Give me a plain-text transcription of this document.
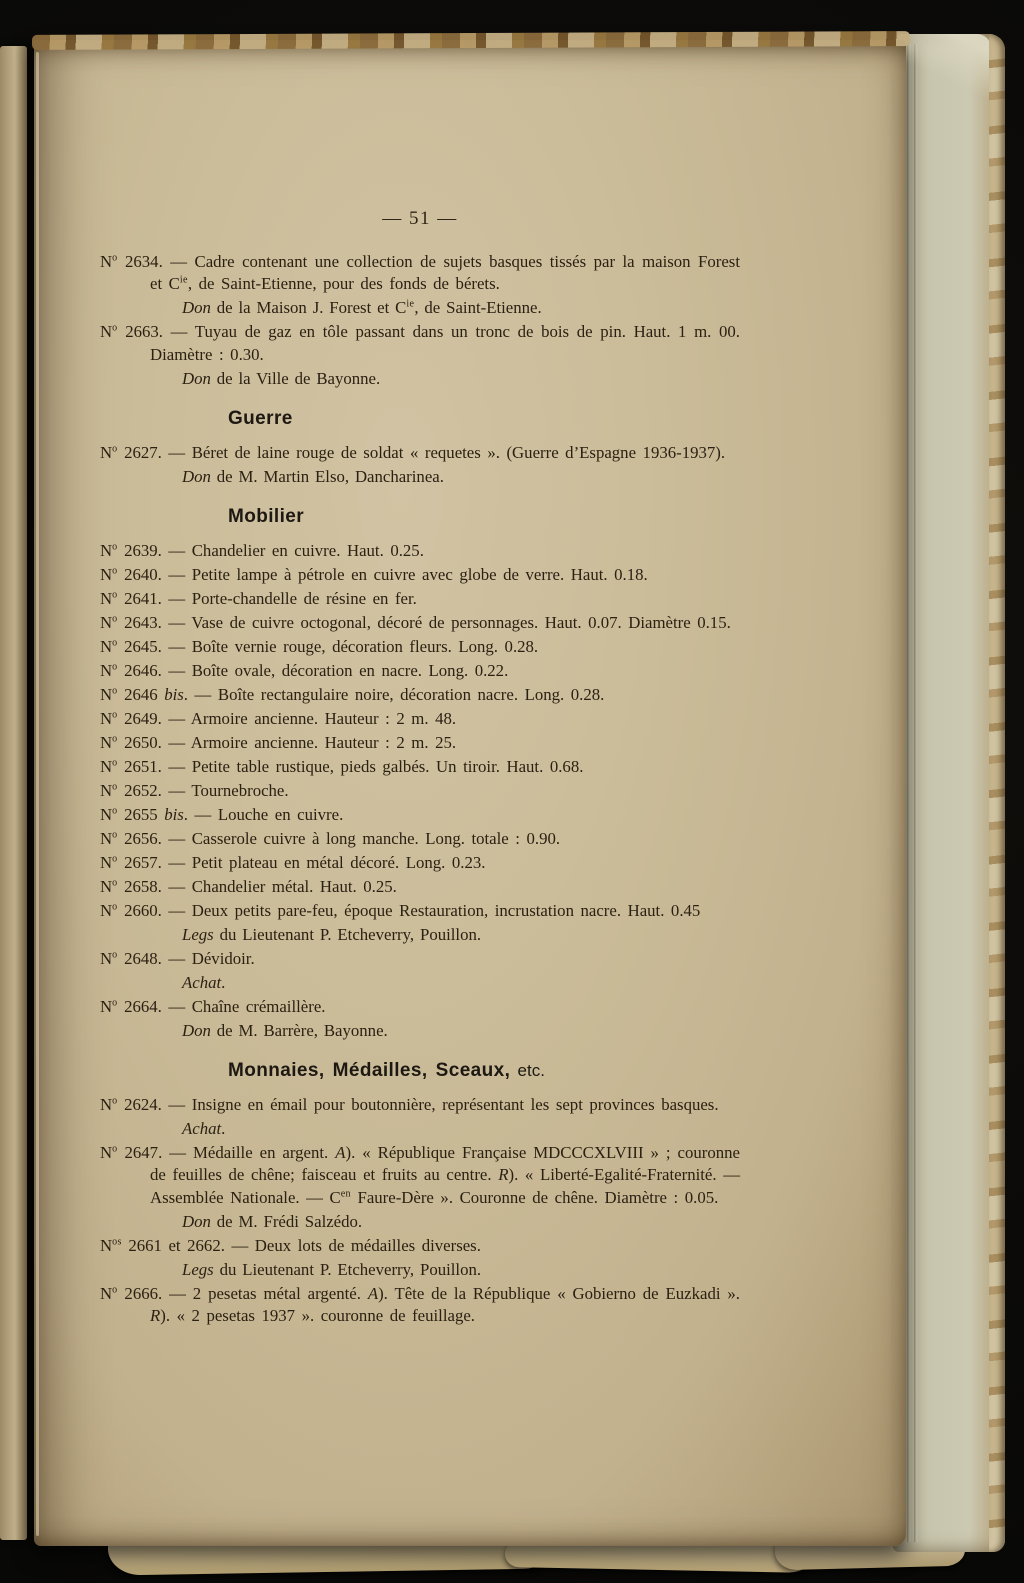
— 51 —

$N^o$ 2634. — Cadre contenant une collection de sujets basques tissés par la maison Forest et $C^{ie}$, de Saint-Etienne, pour des fonds de bérets.

Don de la Maison J. Forest et $C^{ie}$, de Saint-Etienne.

$N^o$ 2663. — Tuyau de gaz en tôle passant dans un tronc de bois de pin. Haut. 1 m. 00. Diamètre : 0.30.

Don de la Ville de Bayonne.

Guerre

$N^o$ 2627. — Béret de laine rouge de soldat « requetes ». (Guerre d’Espagne 1936-1937).

Don de M. Martin Elso, Dancharinea.

Mobilier

$N^o$ 2639. — Chandelier en cuivre. Haut. 0.25.

$N^o$ 2640. — Petite lampe à pétrole en cuivre avec globe de verre. Haut. 0.18.

$N^o$ 2641. — Porte-chandelle de résine en fer.

$N^o$ 2643. — Vase de cuivre octogonal, décoré de personnages. Haut. 0.07. Diamètre 0.15.

$N^o$ 2645. — Boîte vernie rouge, décoration fleurs. Long. 0.28.

$N^o$ 2646. — Boîte ovale, décoration en nacre. Long. 0.22.

$N^o$ 2646 bis. — Boîte rectangulaire noire, décoration nacre. Long. 0.28.

$N^o$ 2649. — Armoire ancienne. Hauteur : 2 m. 48.

$N^o$ 2650. — Armoire ancienne. Hauteur : 2 m. 25.

$N^o$ 2651. — Petite table rustique, pieds galbés. Un tiroir. Haut. 0.68.

$N^o$ 2652. — Tournebroche.

$N^o$ 2655 bis. — Louche en cuivre.

$N^o$ 2656. — Casserole cuivre à long manche. Long. totale : 0.90.

$N^o$ 2657. — Petit plateau en métal décoré. Long. 0.23.

$N^o$ 2658. — Chandelier métal. Haut. 0.25.

$N^o$ 2660. — Deux petits pare-feu, époque Restauration, incrustation nacre. Haut. 0.45

Legs du Lieutenant P. Etcheverry, Pouillon.

$N^o$ 2648. — Dévidoir.

Achat.

$N^o$ 2664. — Chaîne crémaillère.

Don de M. Barrère, Bayonne.

Monnaies, Médailles, Sceaux, etc.

$N^o$ 2624. — Insigne en émail pour boutonnière, représentant les sept provinces basques.

Achat.

$N^o$ 2647. — Médaille en argent. A). « République Française MDCCCXLVIII » ; couronne de feuilles de chêne; faisceau et fruits au centre. R). « Liberté-Egalité-Fraternité. — Assemblée Nationale. — $C^{en}$ Faure-Dère ». Couronne de chêne. Diamètre : 0.05.

Don de M. Frédi Salzédo.

$N^{os}$ 2661 et 2662. — Deux lots de médailles diverses.

Legs du Lieutenant P. Etcheverry, Pouillon.

$N^o$ 2666. — 2 pesetas métal argenté. A). Tête de la République « Gobierno de Euzkadi ». R). « 2 pesetas 1937 ». couronne de feuillage.
